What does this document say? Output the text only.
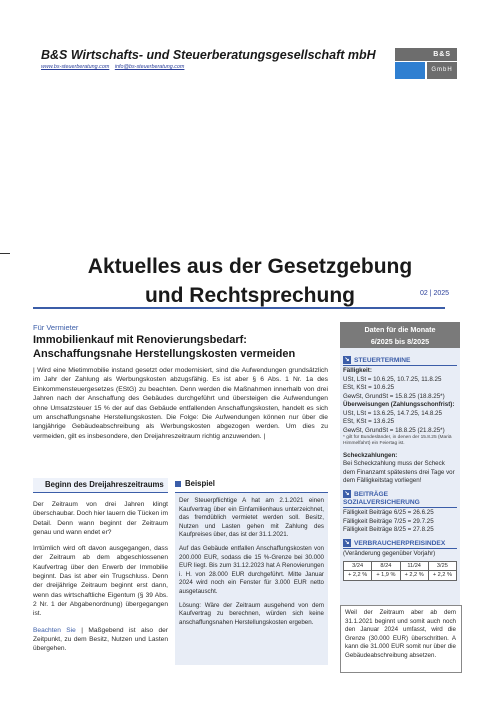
B&S Wirtschafts- und Steuerberatungsgesellschaft mbH
www.bs-steuerberatung.com info@bs-steuerberatung.com
B&S
GmbH
Aktuelles aus der Gesetzgebung
und Rechtsprechung	02 | 2025
Für Vermieter
Immobilienkauf mit Renovierungsbedarf: Anschaffungsnahe Herstellungskosten vermeiden
| Wird eine Mietimmobilie instand gesetzt oder modernisiert, sind die Aufwendungen grundsätzlich im Jahr der Zahlung als Werbungskosten abzugsfähig. Es ist aber § 6 Abs. 1 Nr. 1a des Einkommensteuergesetzes (EStG) zu beachten. Denn werden die Maßnahmen innerhalb von drei Jahren nach der Anschaffung des Gebäudes durchgeführt und übersteigen die Aufwendungen ohne Umsatzsteuer 15 % der auf das Gebäude entfallenden Anschaffungskosten, handelt es sich um anschaffungsnahe Herstellungskosten. Die Folge: Die Aufwendungen können nur über die langjährige Gebäudeabschreibung als Werbungskosten abgezogen werden. Um dies zu vermeiden, gilt es insbesondere, den Dreijahreszeitraum richtig anzuwenden. |
Beginn des Dreijahreszeitraums

Der Zeitraum von drei Jahren klingt überschaubar. Doch hier lauern die Tücken im Detail. Denn wann beginnt der Zeitraum genau und wann endet er?

Irrtümlich wird oft davon ausgegangen, dass der Zeitraum ab dem abgeschlossenen Kaufvertrag über den Erwerb der Immobilie beginnt. Das ist aber ein Trugschluss. Denn der dreijährige Zeitraum beginnt erst dann, wenn das wirtschaftliche Eigentum (§ 39 Abs. 2 Nr. 1 der Abgabenordnung) übergegangen ist.

Beachten Sie | Maßgebend ist also der Zeitpunkt, zu dem Besitz, Nutzen und Lasten übergehen.

Beispiel

Der Steuerpflichtige A hat am 2.1.2021 einen Kaufvertrag über ein Einfamilienhaus unterzeichnet, das fremdüblich vermietet werden soll. Besitz, Nutzen und Lasten gehen mit Zahlung des Kaufpreises über, das ist der 31.1.2021.

Auf das Gebäude entfallen Anschaffungskosten von 200.000 EUR, sodass die 15 %-Grenze bei 30.000 EUR liegt. Bis zum 31.12.2023 hat A Renovierungen i. H. von 28.000 EUR durchgeführt. Mitte Januar 2024 wird noch ein Fenster für 3.000 EUR netto ausgetauscht.

Lösung: Wäre der Zeitraum ausgehend von dem Kaufvertrag zu berechnen, würden sich keine anschaffungsnahen Herstellungskosten ergeben.

Daten für die Monate
6/2025 bis 8/2025
↘ STEUERTERMINE
Fälligkeit:
USt, LSt = 10.6.25, 10.7.25, 11.8.25
ESt, KSt = 10.6.25
GewSt, GrundSt = 15.8.25 (18.8.25*)
Überweisungen (Zahlungsschonfrist):
USt, LSt = 13.6.25, 14.7.25, 14.8.25
ESt, KSt = 13.6.25
GewSt, GrundSt = 18.8.25 (21.8.25*)
* gilt für Bundesländer, in denen der 15.8.25 (Mariä Himmelfahrt) ein Feiertag ist.
Scheckzahlungen:
Bei Scheckzahlung muss der Scheck dem Finanzamt spätestens drei Tage vor dem Fälligkeitstag vorliegen!
↘ BEITRÄGE SOZIALVERSICHERUNG
Fälligkeit Beiträge 6/25 = 26.6.25
Fälligkeit Beiträge 7/25 = 29.7.25
Fälligkeit Beiträge 8/25 = 27.8.25
↘ VERBRAUCHERPREISINDEX
(Veränderung gegenüber Vorjahr)
3/24	8/24	11/24	3/25
+ 2,2 %	+ 1,9 %	+ 2,2 %	+ 2,2 %
Weil der Zeitraum aber ab dem 31.1.2021 beginnt und somit auch noch den Januar 2024 umfasst, wird die Grenze (30.000 EUR) überschritten. A kann die 31.000 EUR somit nur über die Gebäudeabschreibung absetzen.
